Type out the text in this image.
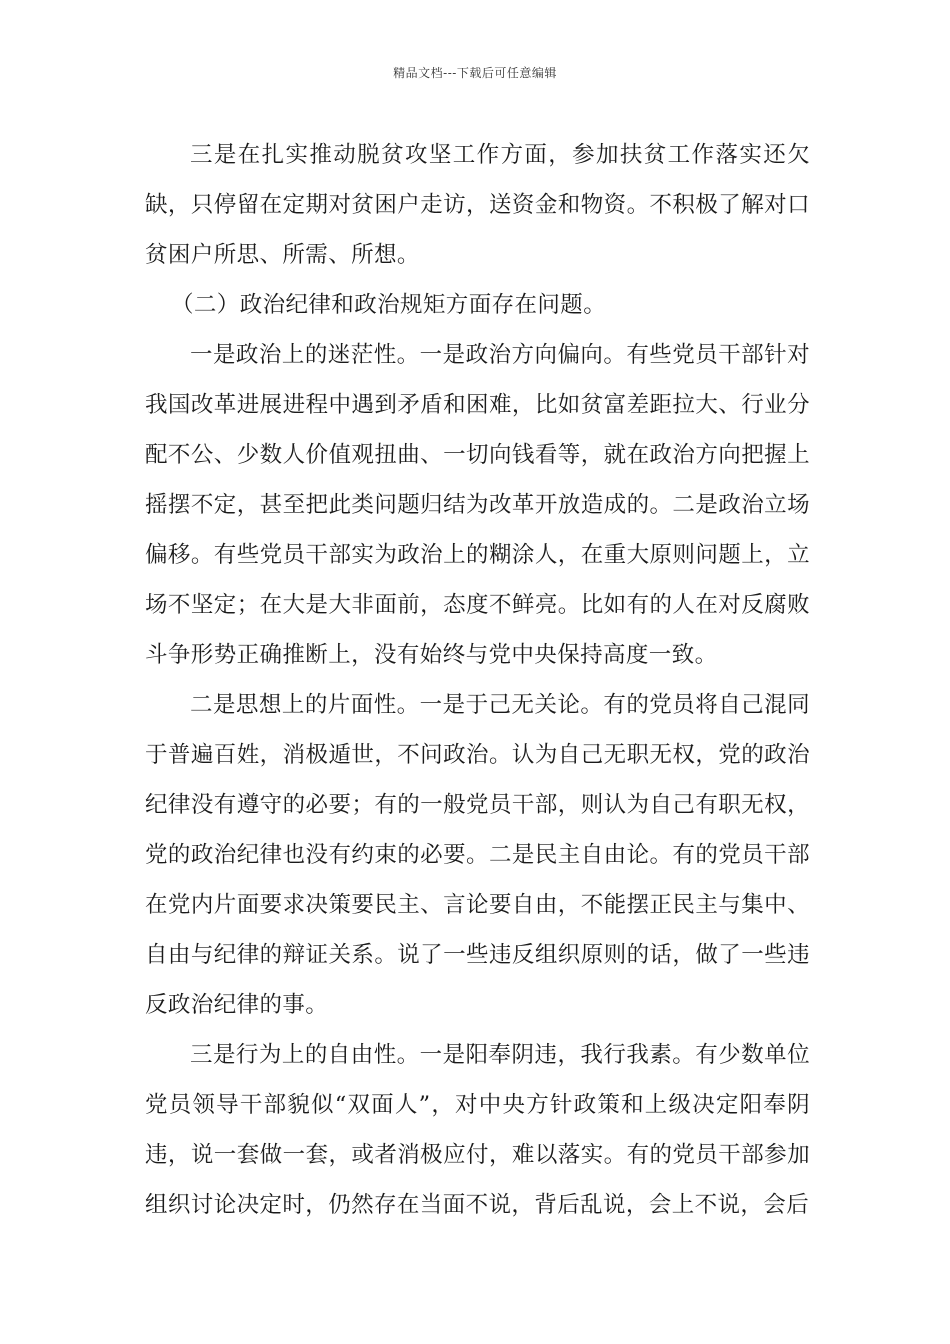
精品文档---下载后可任意编辑

三是在扎实推动脱贫攻坚工作方面，参加扶贫工作落实还欠缺，只停留在定期对贫困户走访，送资金和物资。不积极了解对口贫困户所思、所需、所想。

（二）政治纪律和政治规矩方面存在问题。

一是政治上的迷茫性。一是政治方向偏向。有些党员干部针对我国改革进展进程中遇到矛盾和困难，比如贫富差距拉大、行业分配不公、少数人价值观扭曲、一切向钱看等，就在政治方向把握上摇摆不定，甚至把此类问题归结为改革开放造成的。二是政治立场偏移。有些党员干部实为政治上的糊涂人，在重大原则问题上，立场不坚定；在大是大非面前，态度不鲜亮。比如有的人在对反腐败斗争形势正确推断上，没有始终与党中央保持高度一致。

二是思想上的片面性。一是于己无关论。有的党员将自己混同于普遍百姓，消极遁世，不问政治。认为自己无职无权，党的政治纪律没有遵守的必要；有的一般党员干部，则认为自己有职无权，党的政治纪律也没有约束的必要。二是民主自由论。有的党员干部在党内片面要求决策要民主、言论要自由，不能摆正民主与集中、自由与纪律的辩证关系。说了一些违反组织原则的话，做了一些违反政治纪律的事。

三是行为上的自由性。一是阳奉阴违，我行我素。有少数单位党员领导干部貌似“双面人”，对中央方针政策和上级决定阳奉阴违，说一套做一套，或者消极应付，难以落实。有的党员干部参加组织讨论决定时，仍然存在当面不说，背后乱说，会上不说，会后
